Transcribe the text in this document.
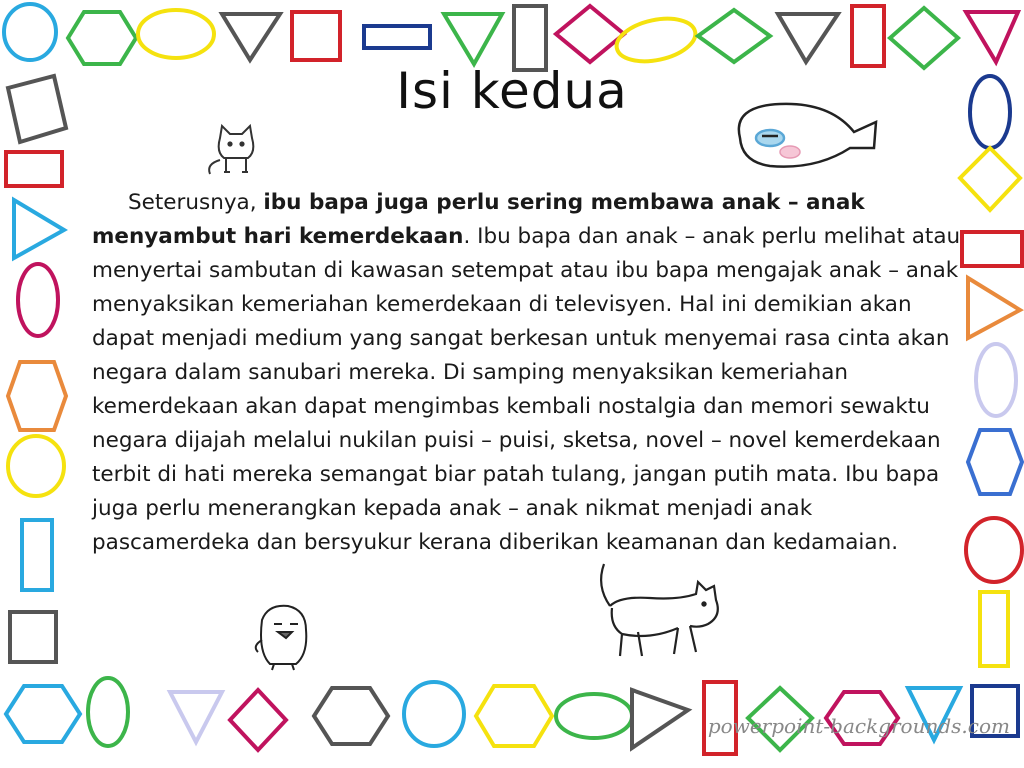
Isi kedua

Seterusnya, ibu bapa juga perlu sering membawa anak – anak menyambut hari kemerdekaan. Ibu bapa dan anak – anak perlu melihat atau menyertai sambutan di kawasan setempat atau ibu bapa mengajak anak – anak menyaksikan kemeriahan kemerdekaan di televisyen. Hal ini demikian akan dapat menjadi medium yang sangat berkesan untuk menyemai rasa cinta akan negara dalam sanubari mereka. Di samping menyaksikan kemeriahan kemerdekaan akan dapat mengimbas kembali nostalgia dan memori sewaktu negara dijajah melalui nukilan puisi – puisi, sketsa, novel – novel kemerdekaan terbit di hati mereka semangat biar patah tulang, jangan putih mata. Ibu bapa juga perlu menerangkan kepada anak – anak nikmat menjadi anak pascamerdeka dan bersyukur kerana diberikan keamanan dan kedamaian.

powerpoint-backgrounds.com
